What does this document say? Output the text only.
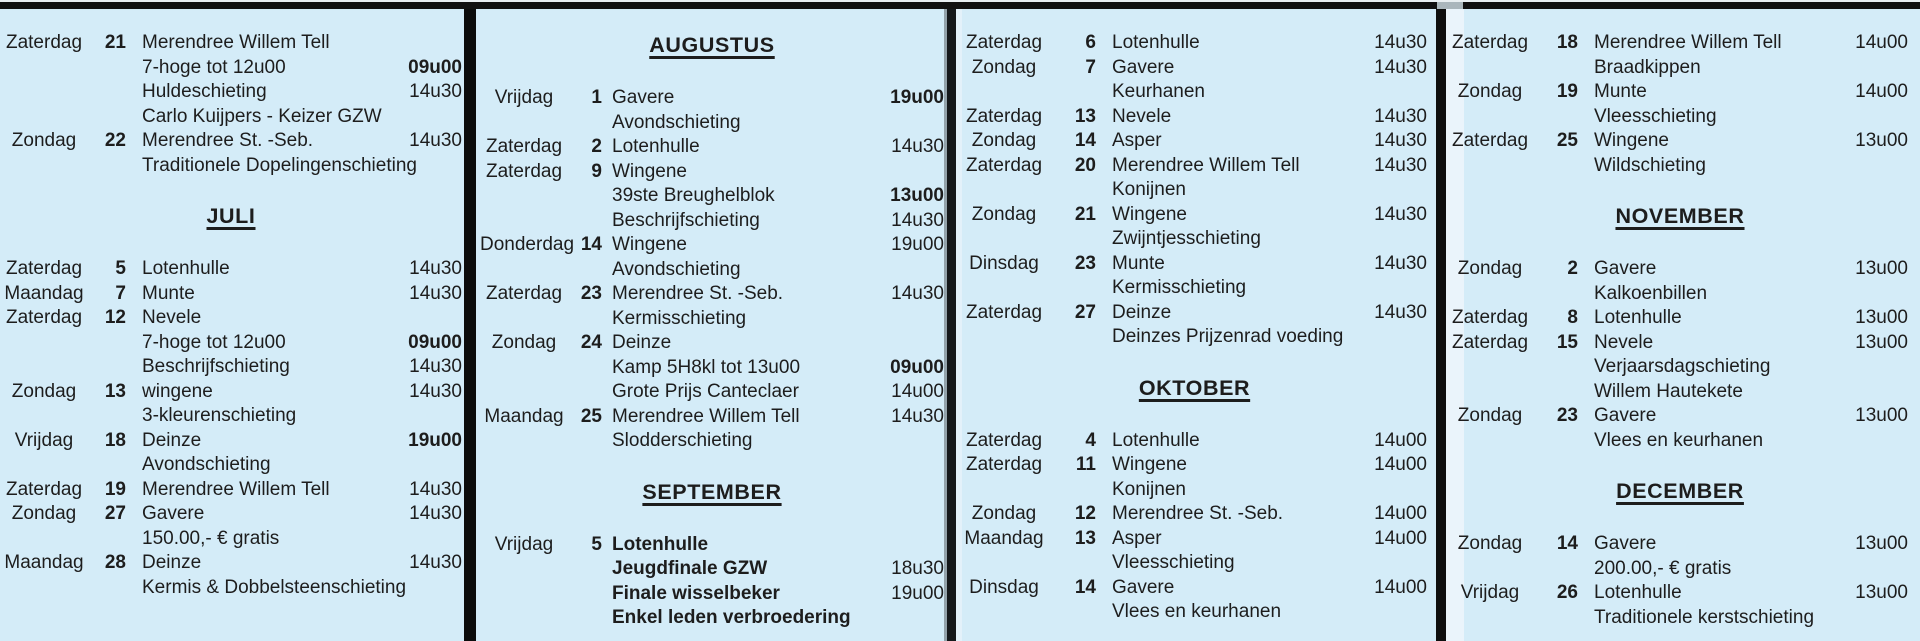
Zaterdag	21 Merendree Willem Tell
7-hoge tot 12u00	09u00
Huldeschieting	14u30
Carlo Kuijpers - Keizer GZW
Zondag	22 Merendree St. -Seb.	14u30
Traditionele Dopelingenschieting
JULI
Zaterdag	5 Lotenhulle	14u30
Maandag	7 Munte	14u30
Zaterdag	12 Nevele
7-hoge tot 12u00	09u00
Beschrijfschieting	14u30
Zondag	13 wingene	14u30
3-kleurenschieting
Vrijdag	18 Deinze	19u00
Avondschieting
Zaterdag	19 Merendree Willem Tell	14u30
Zondag	27 Gavere	14u30
150.00,- € gratis
Maandag	28 Deinze	14u30
Kermis & Dobbelsteenschieting
AUGUSTUS
Vrijdag	1 Gavere	19u00
Avondschieting
Zaterdag	2 Lotenhulle	14u30
Zaterdag	9 Wingene
39ste Breughelblok	13u00
Beschrijfschieting	14u30
Donderdag 14 Wingene	19u00
Avondschieting
Zaterdag 23 Merendree St. -Seb.	14u30
Kermisschieting
Zondag	24 Deinze
Kamp 5H8kl tot 13u00	09u00
Grote Prijs Canteclaer	14u00
Maandag 25 Merendree Willem Tell	14u30
Slodderschieting
SEPTEMBER
Vrijdag	5 Lotenhulle
Jeugdfinale GZW	18u30
Finale wisselbeker	19u00
Enkel leden verbroedering
Zaterdag	6 Lotenhulle	14u30
Zondag	7 Gavere	14u30
Keurhanen
Zaterdag	13 Nevele	14u30
Zondag	14 Asper	14u30
Zaterdag	20 Merendree Willem Tell	14u30
Konijnen
Zondag	21 Wingene	14u30
Zwijntjesschieting
Dinsdag	23 Munte	14u30
Kermisschieting
Zaterdag	27 Deinze	14u30
Deinzes Prijzenrad voeding
OKTOBER
Zaterdag	4 Lotenhulle	14u00
Zaterdag	11 Wingene	14u00
Konijnen
Zondag	12 Merendree St. -Seb.	14u00
Maandag	13 Asper	14u00
Vleesschieting
Dinsdag	14 Gavere	14u00
Vlees en keurhanen
Zaterdag	18 Merendree Willem Tell	14u00
Braadkippen
Zondag	19 Munte	14u00
Vleesschieting
Zaterdag	25 Wingene	13u00
Wildschieting
NOVEMBER
Zondag	2 Gavere	13u00
Kalkoenbillen
Zaterdag	8 Lotenhulle	13u00
Zaterdag	15 Nevele	13u00
Verjaarsdagschieting
Willem Hautekete
Zondag	23 Gavere	13u00
Vlees en keurhanen
DECEMBER
Zondag	14 Gavere	13u00
200.00,- € gratis
Vrijdag	26 Lotenhulle	13u00
Traditionele kerstschieting
